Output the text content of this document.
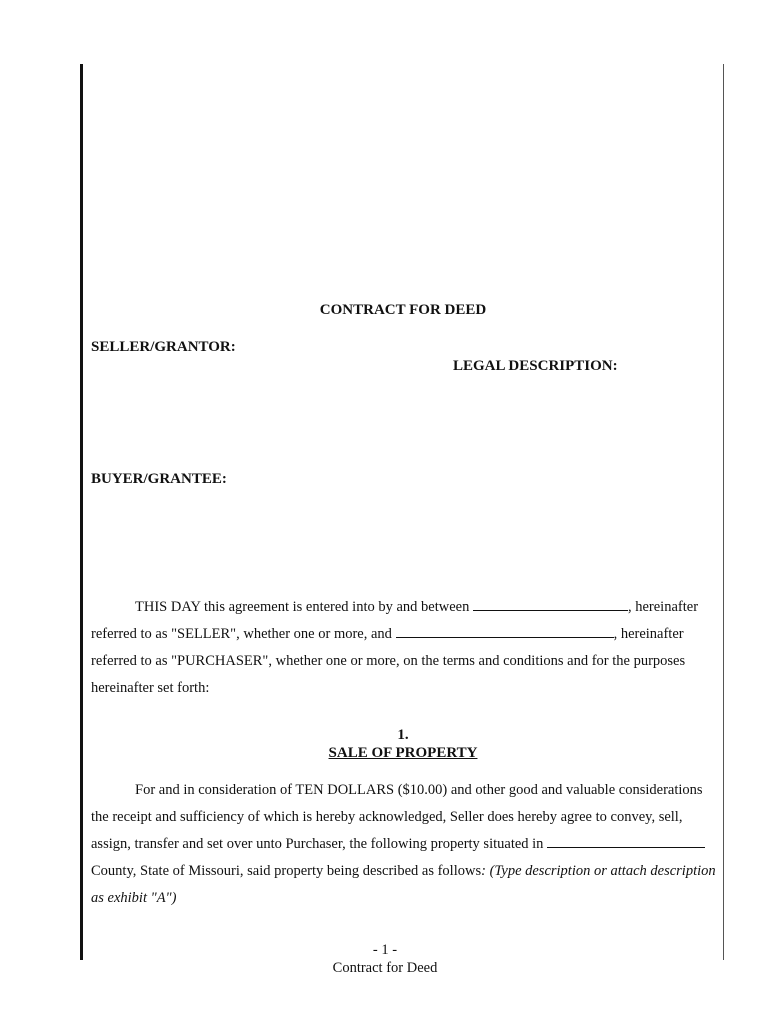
CONTRACT FOR DEED
SELLER/GRANTOR:
LEGAL DESCRIPTION:
BUYER/GRANTEE:
THIS DAY this agreement is entered into by and between	, hereinafter referred to as "SELLER", whether one or more, and	, hereinafter referred to as "PURCHASER", whether one or more, on the terms and conditions and for the purposes hereinafter set forth:
1.
SALE OF PROPERTY
For and in consideration of TEN DOLLARS ($10.00) and other good and valuable considerations the receipt and sufficiency of which is hereby acknowledged, Seller does hereby agree to convey, sell, assign, transfer and set over unto Purchaser, the following property situated in  County, State of Missouri, said property being described as follows: (Type description or attach description as exhibit "A")
- 1 -
Contract for Deed
